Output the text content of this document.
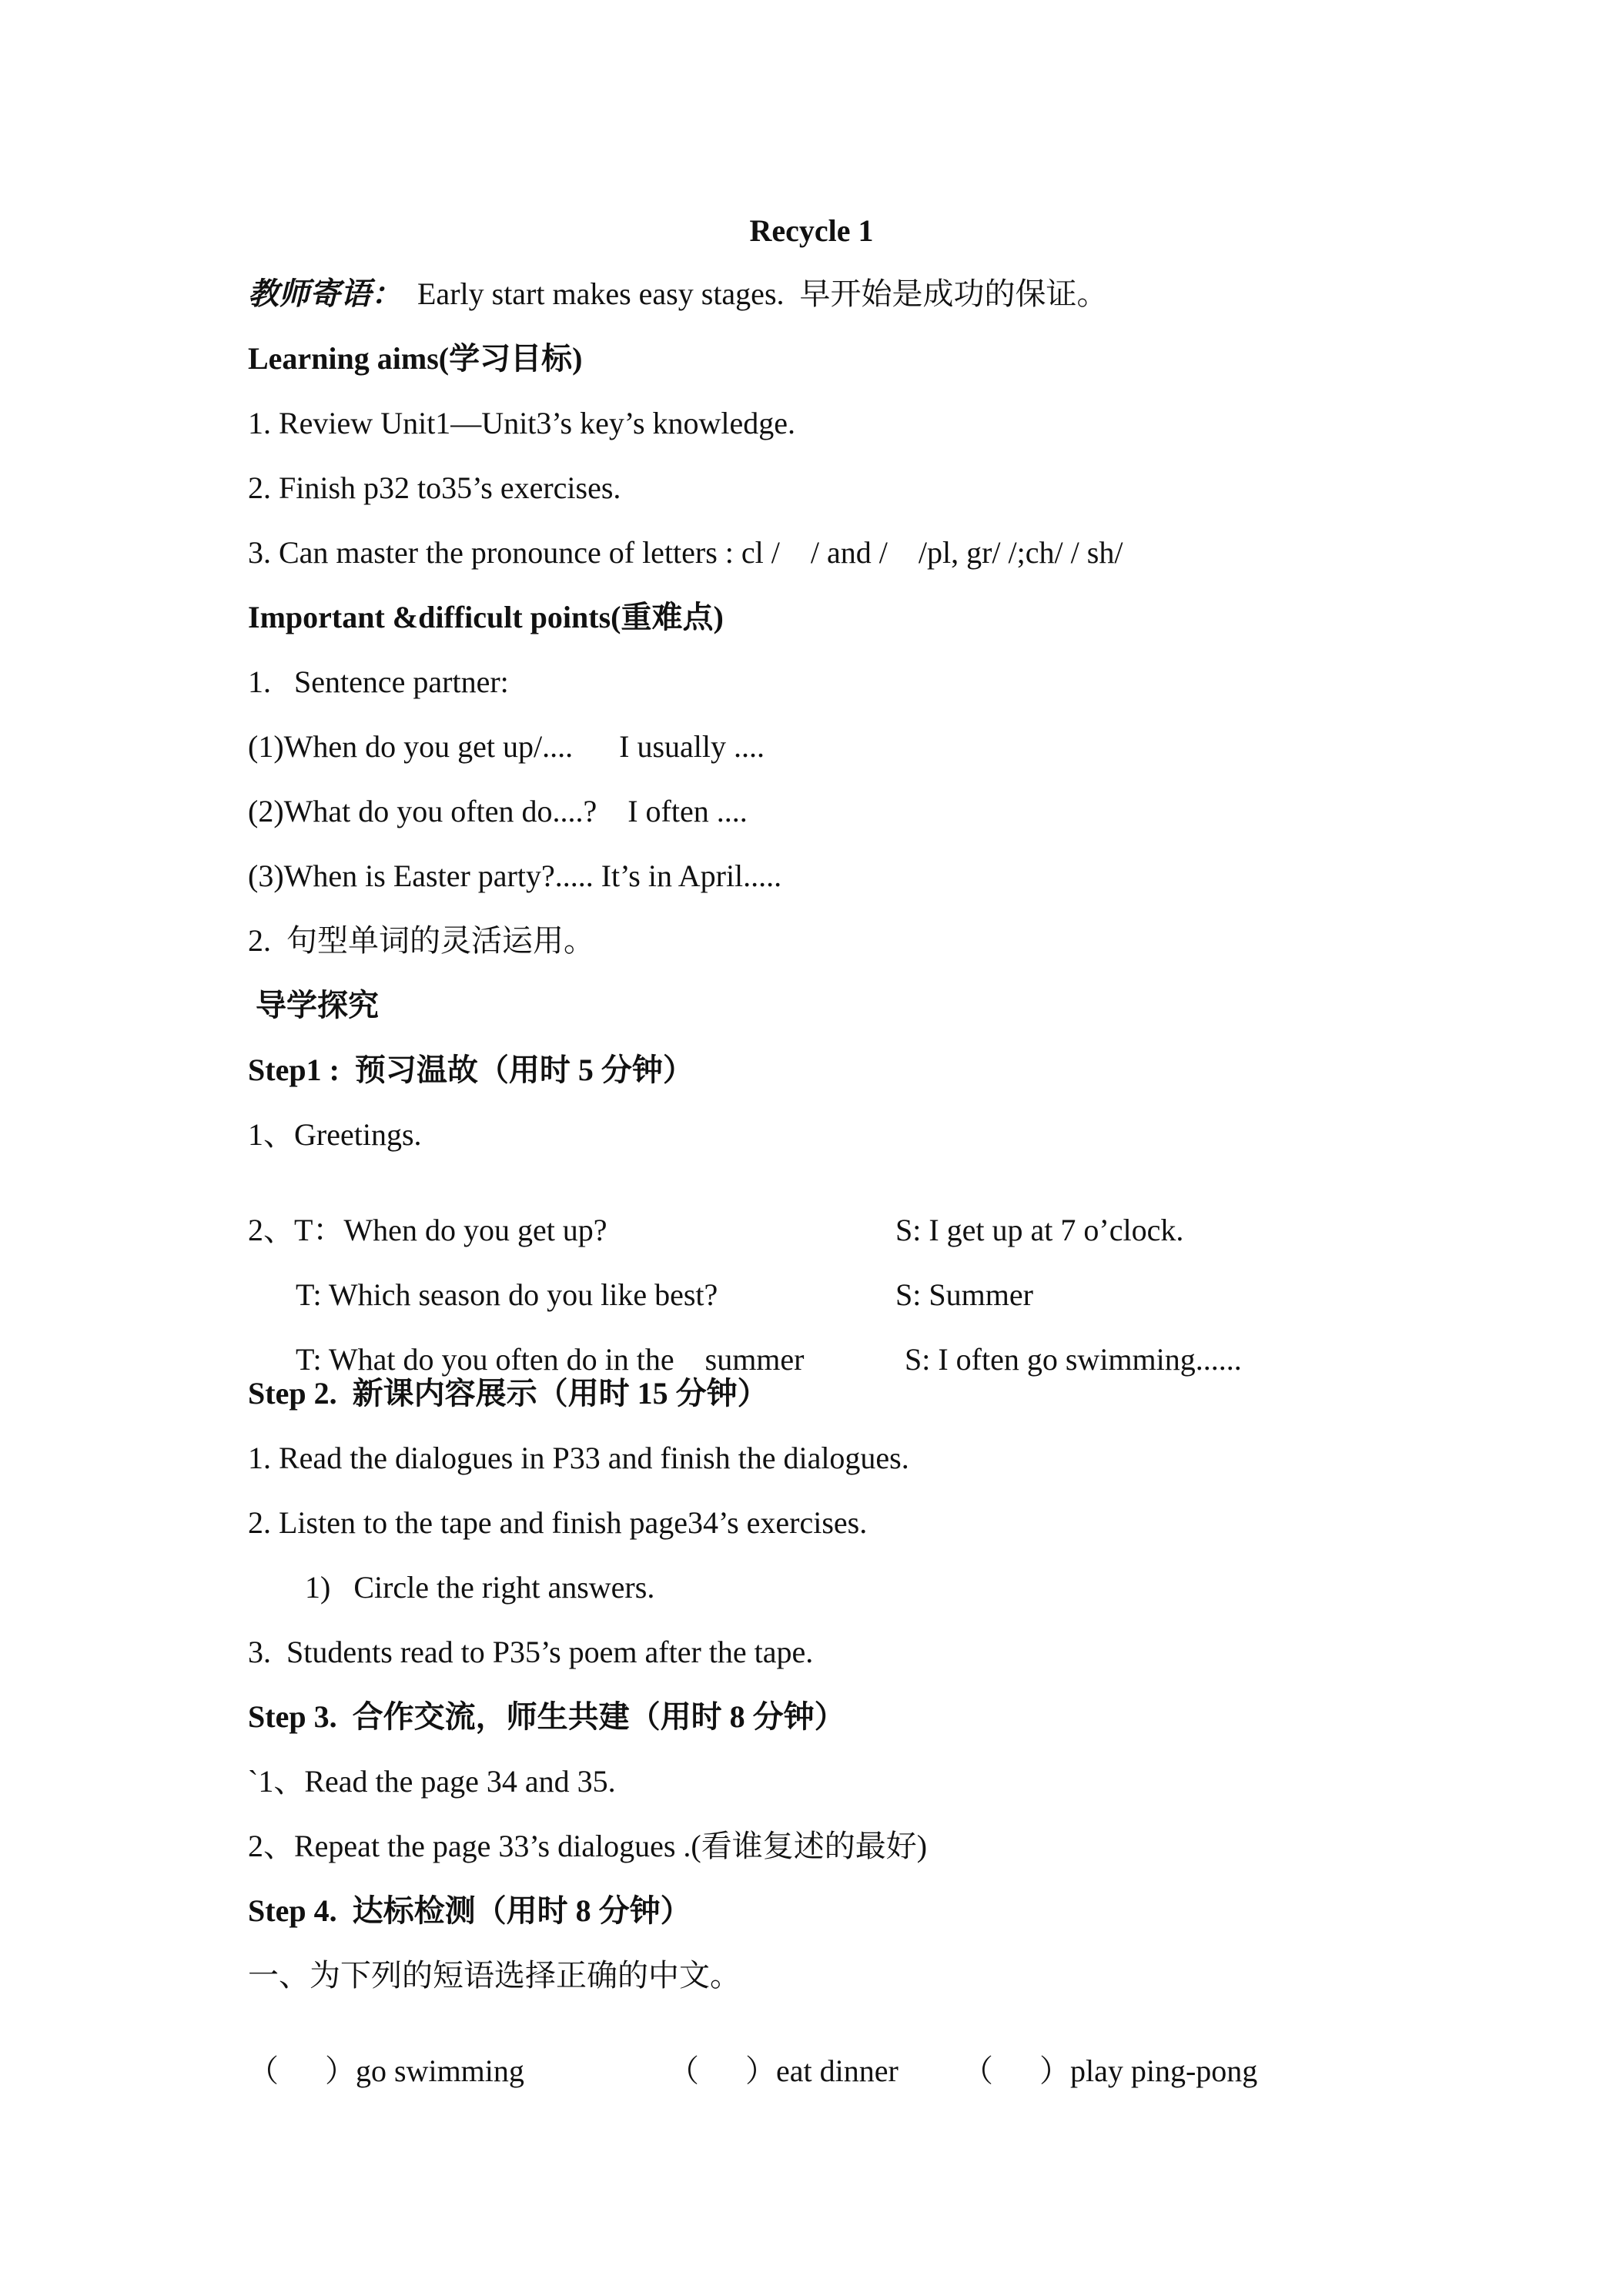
Recycle 1

教师寄语： Early start makes easy stages.  早开始是成功的保证。

Learning aims(学习目标)

1. Review Unit1—Unit3’s key’s knowledge.

2. Finish p32 to35’s exercises.

3. Can master the pronounce of letters : cl /    / and /    /pl, gr/ /;ch/ / sh/

Important &difficult points(重难点)

1.   Sentence partner:

(1)When do you get up/....      I usually ....

(2)What do you often do....?    I often ....

(3)When is Easter party?..... It’s in April.....

2.  句型单词的灵活运用。

导学探究

Step1 :  预习温故（用时 5 分钟）

1、Greetings.

2、T：When do you get up?	S: I get up at 7 o’clock.

T: Which season do you like best?	S: Summer

T: What do you often do in the    summer	S: I often go swimming......

Step 2.  新课内容展示（用时 15 分钟）

1. Read the dialogues in P33 and finish the dialogues.

2. Listen to the tape and finish page34’s exercises.

1)   Circle the right answers.

3.  Students read to P35’s poem after the tape.

Step 3.  合作交流，师生共建（用时 8 分钟）

`1、Read the page 34 and 35.

2、Repeat the page 33’s dialogues .(看谁复述的最好)

Step 4.  达标检测（用时 8 分钟）

一、为下列的短语选择正确的中文。

（      ）go swimming	（      ）eat dinner （      ）play ping-pong
